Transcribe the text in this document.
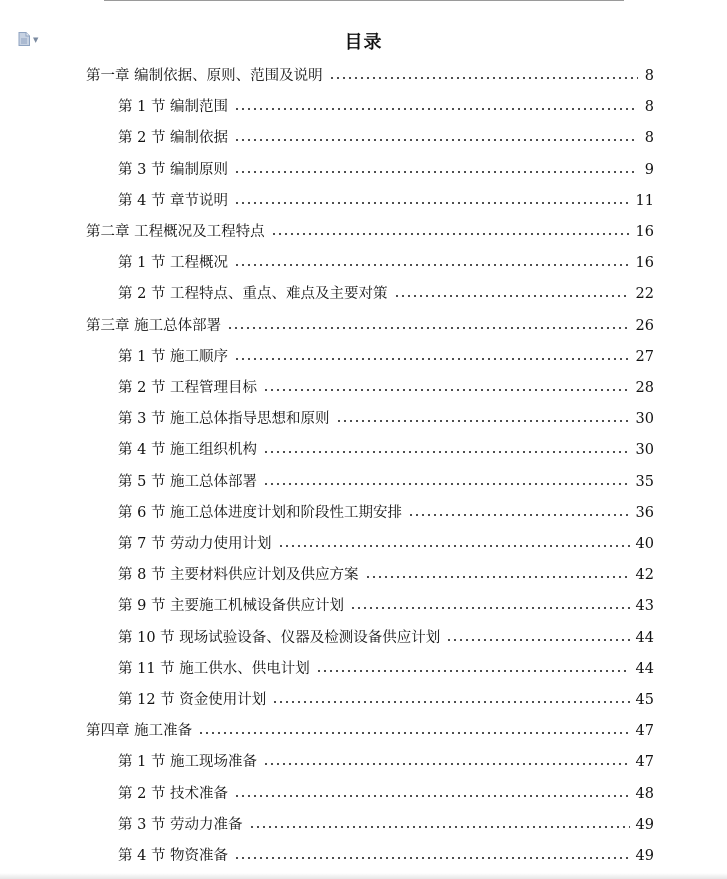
▼	目录
第一章 编制依据、原则、范围及说明	8
第 1 节 编制范围	8
第 2 节 编制依据	8
第 3 节 编制原则	9
第 4 节 章节说明	11
第二章 工程概况及工程特点	16
第 1 节 工程概况	16
第 2 节 工程特点、重点、难点及主要对策	22
第三章 施工总体部署	26
第 1 节 施工顺序	27
第 2 节 工程管理目标	28
第 3 节 施工总体指导思想和原则	30
第 4 节 施工组织机构	30
第 5 节 施工总体部署	35
第 6 节 施工总体进度计划和阶段性工期安排	36
第 7 节 劳动力使用计划	40
第 8 节 主要材料供应计划及供应方案	42
第 9 节 主要施工机械设备供应计划	43
第 10 节 现场试验设备、仪器及检测设备供应计划	44
第 11 节 施工供水、供电计划	44
第 12 节 资金使用计划	45
第四章 施工准备	47
第 1 节 施工现场准备	47
第 2 节 技术准备	48
第 3 节 劳动力准备	49
第 4 节 物资准备	49
